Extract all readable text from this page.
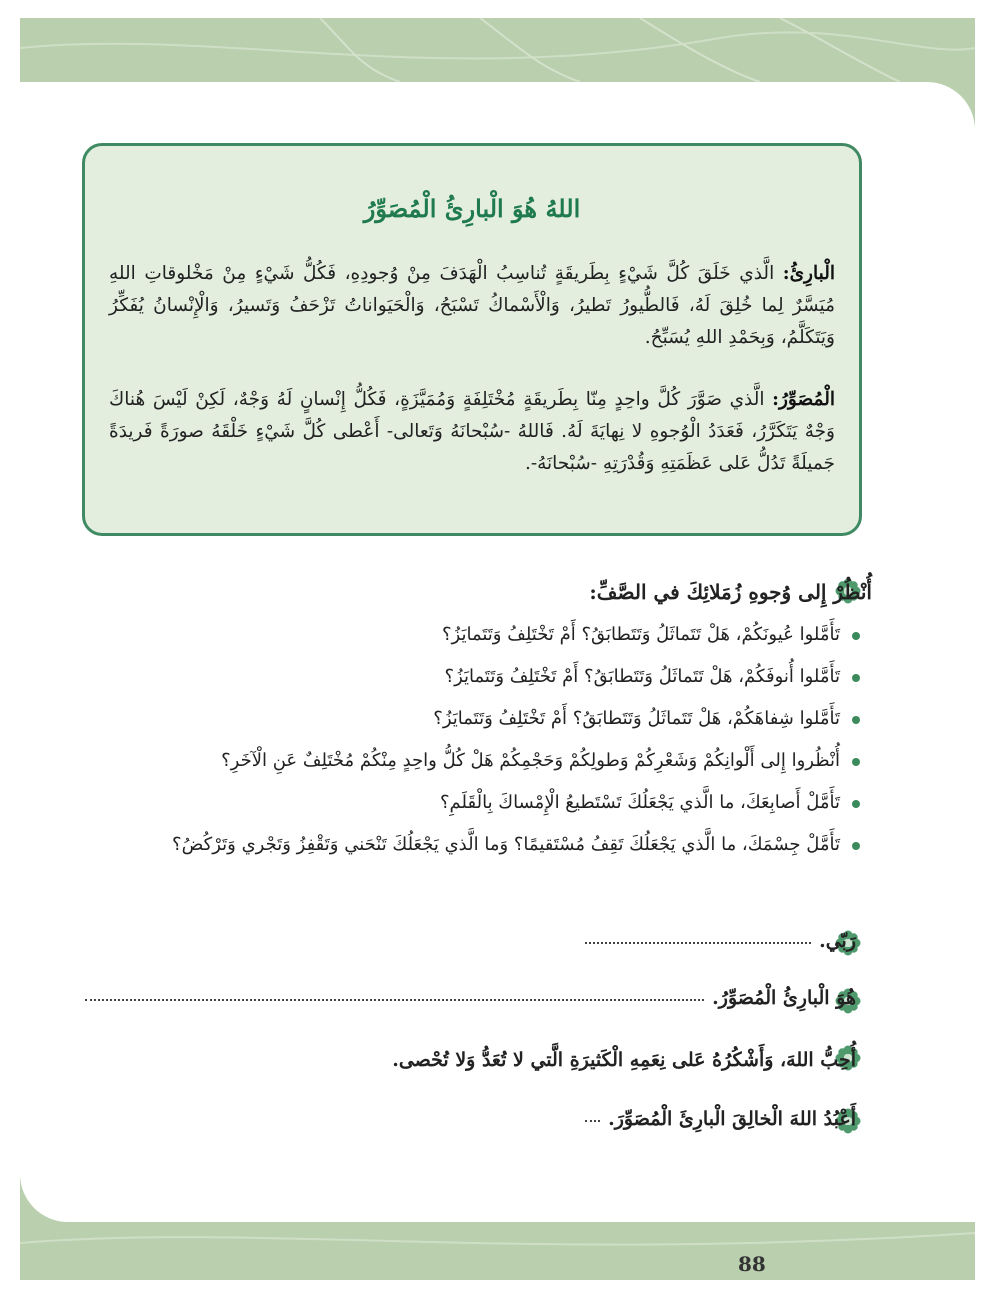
اللهُ هُوَ الْبارِئُ الْمُصَوِّرُ
الْبارِئُ: الَّذي خَلَقَ كُلَّ شَيْءٍ بِطَريقَةٍ تُناسِبُ الْهَدَفَ مِنْ وُجودِهِ، فَكُلُّ شَيْءٍ مِنْ مَخْلوقاتِ اللهِ مُيَسَّرٌ لِما خُلِقَ لَهُ، فَالطُّيورُ تَطيرُ، وَالْأَسْماكُ تَسْبَحُ، وَالْحَيَواناتُ تَزْحَفُ وَتَسيرُ، وَالْإِنْسانُ يُفَكِّرُ وَيَتَكَلَّمُ، وَبِحَمْدِ اللهِ يُسَبِّحُ.
الْمُصَوِّرُ: الَّذي صَوَّرَ كُلَّ واحِدٍ مِنّا بِطَريقَةٍ مُخْتَلِفَةٍ وَمُمَيَّزَةٍ، فَكُلُّ إِنْسانٍ لَهُ وَجْهٌ، لَكِنْ لَيْسَ هُناكَ وَجْهٌ يَتَكَرَّرُ، فَعَدَدُ الْوُجوهِ لا نِهايَةَ لَهُ. فَاللهُ -سُبْحانَهُ وَتَعالى- أَعْطى كُلَّ شَيْءٍ خَلْقَهُ صورَةً فَريدَةً جَميلَةً تَدُلُّ عَلى عَظَمَتِهِ وَقُدْرَتِهِ -سُبْحانَهُ-.
أُنْظُرْ إِلى وُجوهِ زُمَلائِكَ في الصَّفِّ:
تَأَمَّلوا عُيونَكُمْ، هَلْ تَتَماثَلُ وَتَتَطابَقُ؟ أَمْ تَخْتَلِفُ وَتَتَمايَزُ؟
تَأَمَّلوا أُنوفَكُمْ، هَلْ تَتَماثَلُ وَتَتَطابَقُ؟ أَمْ تَخْتَلِفُ وَتَتَمايَزُ؟
تَأَمَّلوا شِفاهَكُمْ، هَلْ تَتَماثَلُ وَتَتَطابَقُ؟ أَمْ تَخْتَلِفُ وَتَتَمايَزُ؟
أُنْظُروا إِلى أَلْوانِكُمْ وَشَعْرِكُمْ وَطولِكُمْ وَحَجْمِكُمْ هَلْ كُلُّ واحِدٍ مِنْكُمْ مُخْتَلِفٌ عَنِ الْآخَرِ؟
تَأَمَّلْ أَصابِعَكَ، ما الَّذي يَجْعَلُكَ تَسْتَطيعُ الْإِمْساكَ بِالْقَلَمِ؟
تَأَمَّلْ جِسْمَكَ، ما الَّذي يَجْعَلُكَ تَقِفُ مُسْتَقيمًا؟ وَما الَّذي يَجْعَلُكَ تَنْحَني وَتَقْفِزُ وَتَجْري وَتَرْكُضُ؟
رَبّي.
هُوَ الْبارِئُ الْمُصَوِّرُ.
أُحِبُّ اللهَ، وَأَشْكُرُهُ عَلى نِعَمِهِ الْكَثيرَةِ الَّتي لا تُعَدُّ وَلا تُحْصى.
أَعْبُدُ اللهَ الْخالِقَ الْبارِئَ الْمُصَوِّرَ.
88
